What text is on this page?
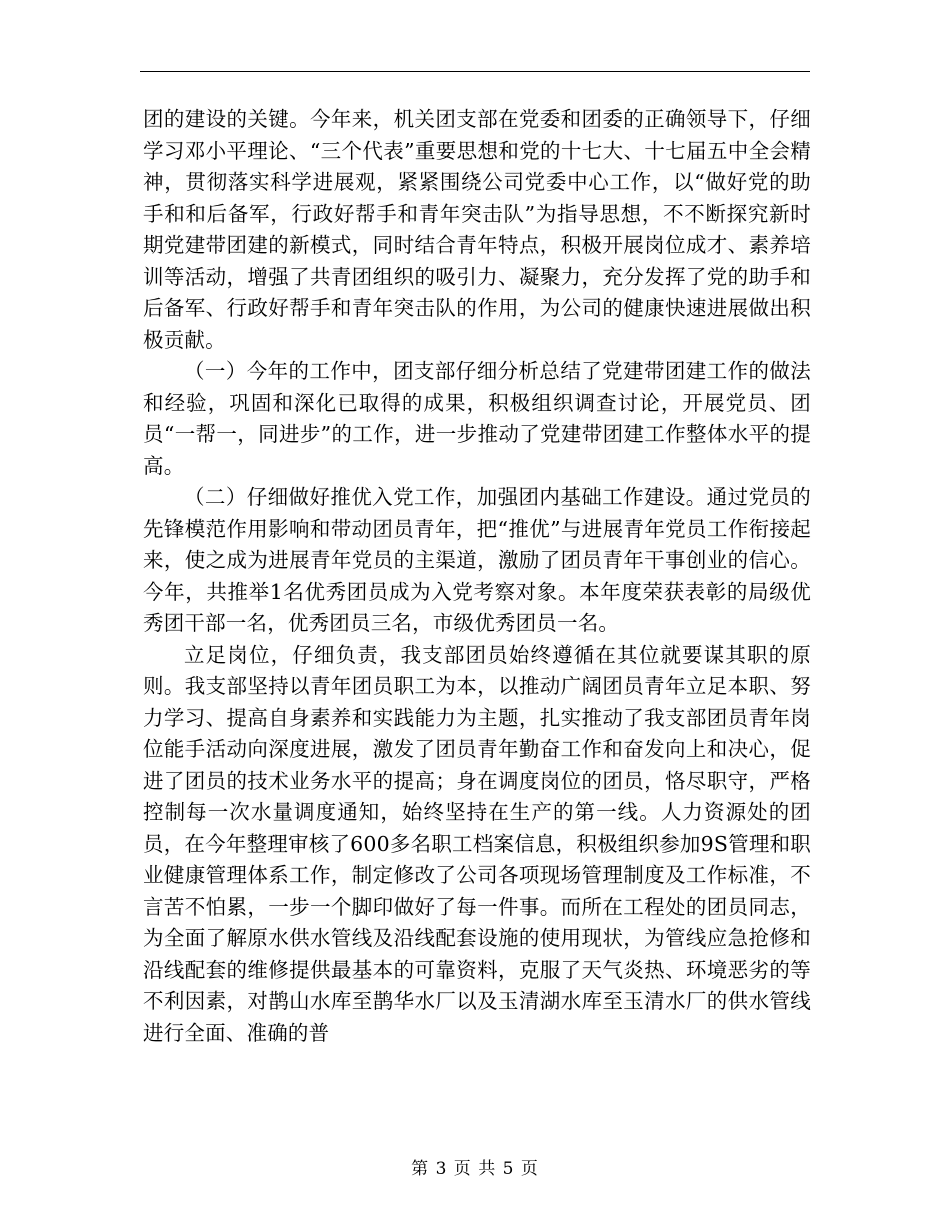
团的建设的关键。今年来，机关团支部在党委和团委的正确领导下，仔细学习邓小平理论、“三个代表”重要思想和党的十七大、十七届五中全会精神，贯彻落实科学进展观，紧紧围绕公司党委中心工作，以“做好党的助手和和后备军，行政好帮手和青年突击队”为指导思想，不不断探究新时期党建带团建的新模式，同时结合青年特点，积极开展岗位成才、素养培训等活动，增强了共青团组织的吸引力、凝聚力，充分发挥了党的助手和后备军、行政好帮手和青年突击队的作用，为公司的健康快速进展做出积极贡献。

（一）今年的工作中，团支部仔细分析总结了党建带团建工作的做法和经验，巩固和深化已取得的成果，积极组织调查讨论，开展党员、团员“一帮一，同进步”的工作，进一步推动了党建带团建工作整体水平的提高。

（二）仔细做好推优入党工作，加强团内基础工作建设。通过党员的先锋模范作用影响和带动团员青年，把“推优”与进展青年党员工作衔接起来，使之成为进展青年党员的主渠道，激励了团员青年干事创业的信心。今年，共推举1名优秀团员成为入党考察对象。本年度荣获表彰的局级优秀团干部一名，优秀团员三名，市级优秀团员一名。

立足岗位，仔细负责，我支部团员始终遵循在其位就要谋其职的原则。我支部坚持以青年团员职工为本，以推动广阔团员青年立足本职、努力学习、提高自身素养和实践能力为主题，扎实推动了我支部团员青年岗位能手活动向深度进展，激发了团员青年勤奋工作和奋发向上和决心，促进了团员的技术业务水平的提高；身在调度岗位的团员，恪尽职守，严格控制每一次水量调度通知，始终坚持在生产的第一线。人力资源处的团员，在今年整理审核了600多名职工档案信息，积极组织参加9S管理和职业健康管理体系工作，制定修改了公司各项现场管理制度及工作标准，不言苦不怕累，一步一个脚印做好了每一件事。而所在工程处的团员同志，为全面了解原水供水管线及沿线配套设施的使用现状，为管线应急抢修和沿线配套的维修提供最基本的可靠资料，克服了天气炎热、环境恶劣的等不利因素，对鹊山水库至鹊华水厂以及玉清湖水库至玉清水厂的供水管线进行全面、准确的普

第 3 页 共 5 页
